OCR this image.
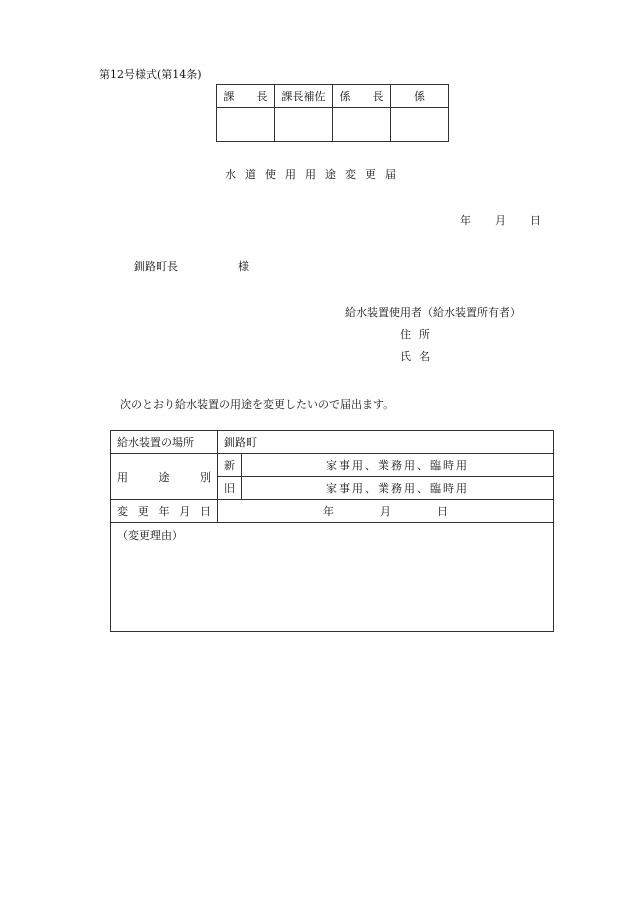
第12号様式(第14条)
課　　長	課長補佐	係　　長	係

水道使用用途変更届
年 月 日
釧路町長	様
給水装置使用者（給水装置所有者）
住所
氏名
次のとおり給水装置の用途を変更したいので届出ます。
給水装置の場所	釧路町	
用　途　別	新	家事用、業務用、臨時用
	旧	家事用、業務用、臨時用
変更年月日	年 月 日	
（変更理由）		
